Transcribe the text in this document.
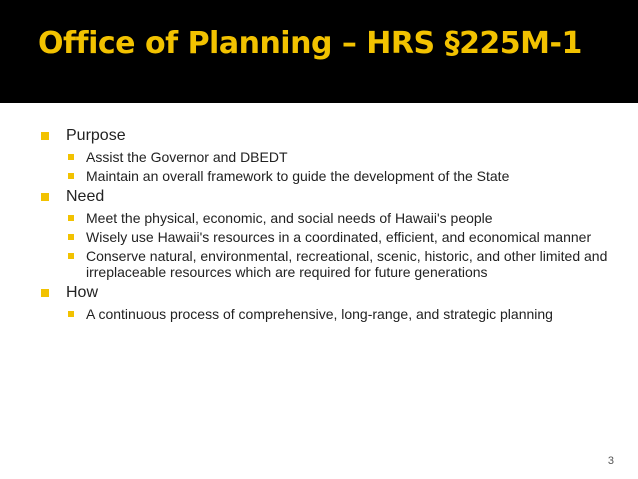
Office of Planning – HRS §225M-1
Purpose
Assist the Governor and DBEDT
Maintain an overall framework to guide the development of the State
Need
Meet the physical, economic, and social needs of Hawaii's people
Wisely use Hawaii's resources in a coordinated, efficient, and economical manner
Conserve natural, environmental, recreational, scenic, historic, and other limited and irreplaceable resources which are required for future generations
How
A continuous process of comprehensive, long-range, and strategic planning
3
